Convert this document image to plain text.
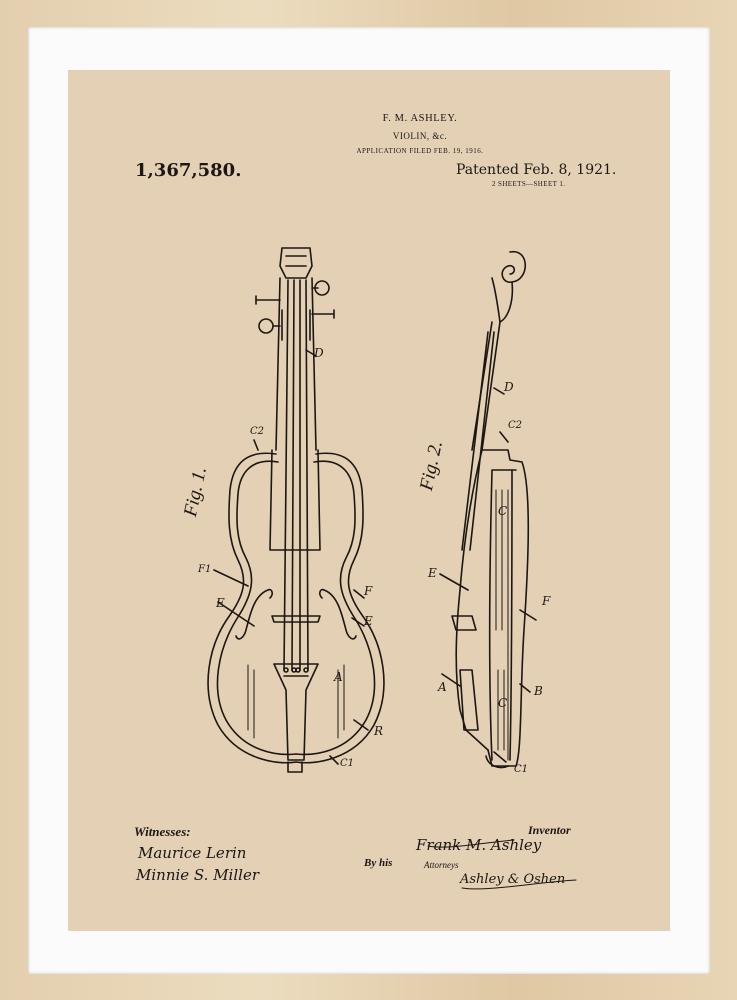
F. M. ASHLEY.
VIOLIN, &c.
APPLICATION FILED FEB. 19, 1916.
1,367,580.	Patented Feb. 8, 1921.
2 SHEETS—SHEET 1.
Fig. 1.	Fig. 2.
D
C2
F1
E
F
E
A
R
C1
D
C2
C
E
F
A
C
B
C1
Witnesses:
Maurice Lerin
Minnie S. Miller
Inventor
Frank M. Ashley
By his	Attorneys
Ashley & Oshen
